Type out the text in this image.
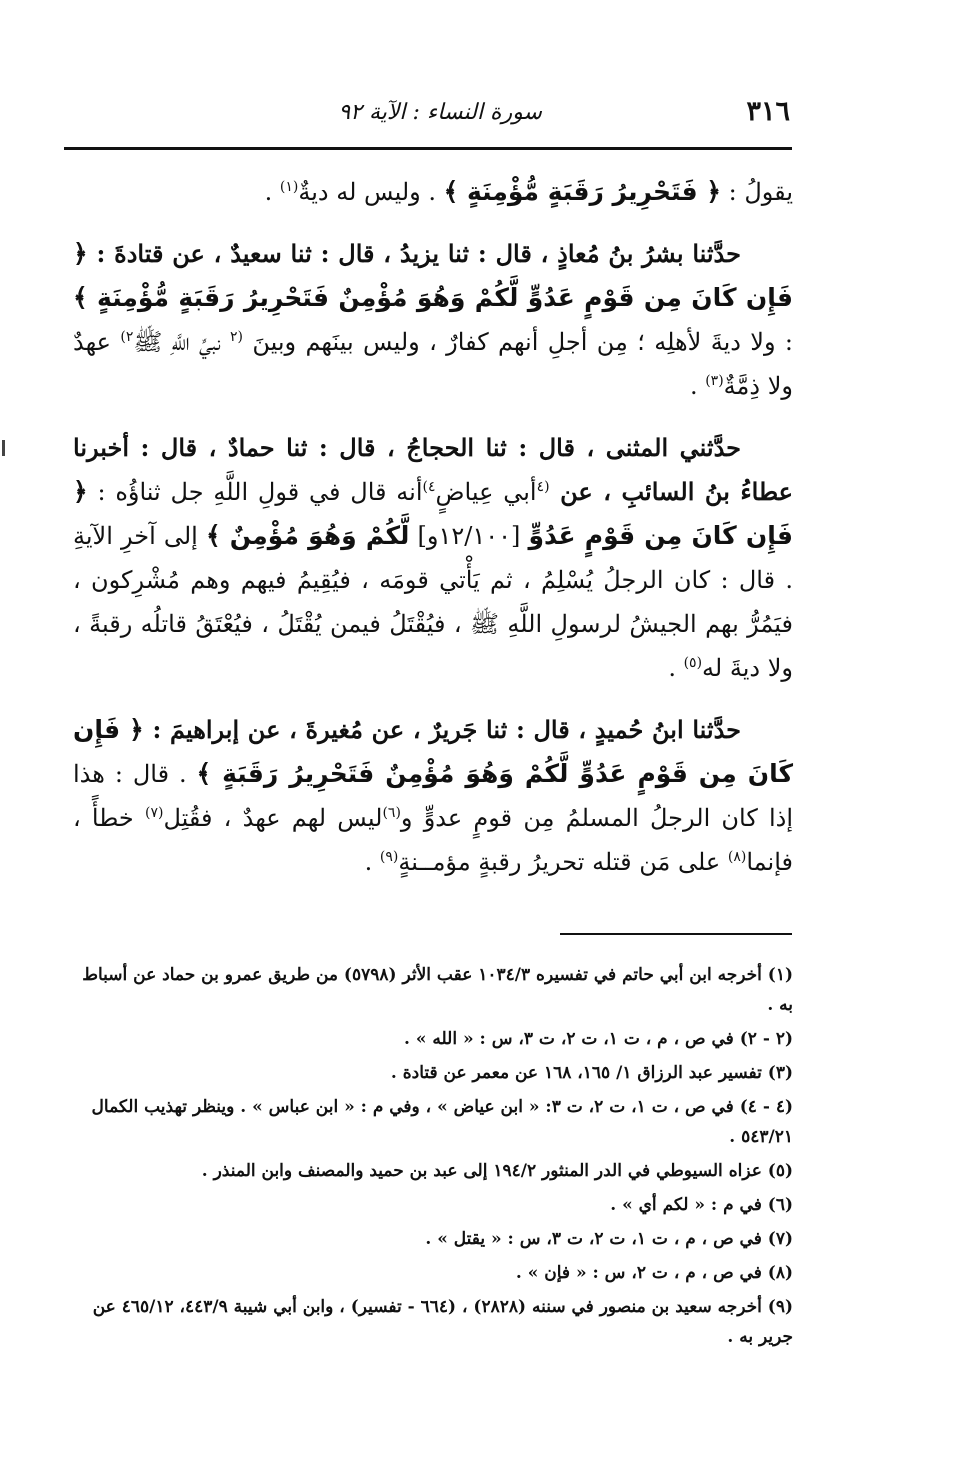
٣١٦
سورة النساء : الآية ٩٢

يقولُ : ﴿ فَتَحْرِيرُ رَقَبَةٍ مُّؤْمِنَةٍ ﴾ . وليس له ديةٌ$^{(١)}$ .

حدَّثنا بشرُ بنُ مُعاذٍ ، قال : ثنا يزيدُ ، قال : ثنا سعيدٌ ، عن قتادةَ : ﴿ فَإِن كَانَ مِن قَوْمٍ عَدُوٍّ لَّكُمْ وَهُوَ مُؤْمِنٌ فَتَحْرِيرُ رَقَبَةٍ مُّؤْمِنَةٍ ﴾ : ولا ديةَ لأهلِه ؛ مِن أجلِ أنهم كفارٌ ، وليس بينَهم وبينَ $^{(٢}$ نبيِّ اللَّهِ ﷺ$^{٢)}$ عهدٌ ولا ذِمَّةٌ$^{(٣)}$ .

حدَّثني المثنى ، قال : ثنا الحجاجُ ، قال : ثنا حمادٌ ، قال : أخبرنا عطاءُ بنُ السائبِ ، عن $^{(٤}$أبي عِياضٍ$^{٤)}$أنه قال في قولِ اللَّهِ جل ثناؤُه : ﴿ فَإِن كَانَ مِن قَوْمٍ عَدُوٍّ [١٢/١٠٠و] لَّكُمْ وَهُوَ مُؤْمِنٌ ﴾ إلى آخرِ الآيةِ . قال : كان الرجلُ يُسْلِمُ ، ثم يَأْتي قومَه ، فيُقِيمُ فيهم وهم مُشْرِكون ، فيَمُرُّ بهم الجيشُ لرسولِ اللَّهِ ﷺ ، فيُقْتَلُ فيمن يُقْتَلُ ، فيُعْتَقُ قاتلُه رقبةً ، ولا ديةَ له$^{(٥)}$ .

حدَّثنا ابنُ حُميدٍ ، قال : ثنا جَريرٌ ، عن مُغيرةَ ، عن إبراهيمَ : ﴿ فَإِن كَانَ مِن قَوْمٍ عَدُوٍّ لَّكُمْ وَهُوَ مُؤْمِنٌ فَتَحْرِيرُ رَقَبَةٍ ﴾ . قال : هذا إذا كان الرجلُ المسلمُ مِن قومٍ عدوٍّ و$^{(٦)}$ليس لهم عهدٌ ، فقُتِل$^{(٧)}$ خطأً ، فإنما$^{(٨)}$ على مَن قتله تحريرُ رقبةٍ مؤمــنةٍ$^{(٩)}$ .

(١) أخرجه ابن أبي حاتم في تفسيره ١٠٣٤/٣ عقب الأثر (٥٧٩٨) من طريق عمرو بن حماد عن أسباط به .
(٢ - ٢) في ص ، م ، ت ١، ت ٢، ت ٣، س : « الله » .
(٣) تفسير عبد الرزاق ١/ ١٦٥، ١٦٨ عن معمر عن قتادة .
(٤ - ٤) في ص ، ت ١، ت ٢، ت ٣: « ابن عياض » ، وفي م : « ابن عباس » . وينظر تهذيب الكمال ٥٤٣/٢١ .
(٥) عزاه السيوطي في الدر المنثور ١٩٤/٢ إلى عبد بن حميد والمصنف وابن المنذر .
(٦) في م : « لكم أي » .
(٧) في ص ، م ، ت ١، ت ٢، ت ٣، س : « يقتل » .
(٨) في ص ، م ، ت ٢، س : « فإن » .
(٩) أخرجه سعيد بن منصور في سننه (٢٨٢٨) ، (٦٦٤ - تفسير) ، وابن أبي شيبة ٤٤٣/٩، ٤٦٥/١٢ عن جرير به .
